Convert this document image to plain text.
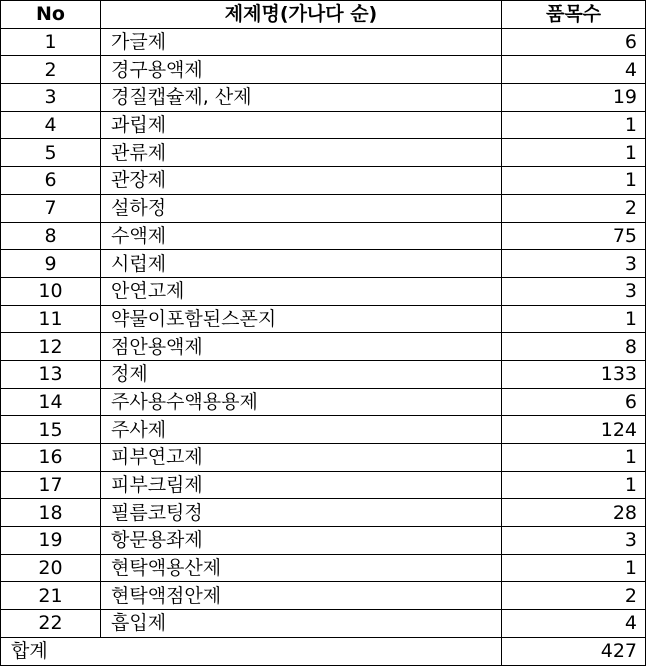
No	제제명(가나다 순)	품목수
1	가글제	6
2	경구용액제	4
3	경질캡슐제, 산제	19
4	과립제	1
5	관류제	1
6	관장제	1
7	설하정	2
8	수액제	75
9	시럽제	3
10	안연고제	3
11	약물이포함된스폰지	1
12	점안용액제	8
13	정제	133
14	주사용수액용용제	6
15	주사제	124
16	피부연고제	1
17	피부크림제	1
18	필름코팅정	28
19	항문용좌제	3
20	현탁액용산제	1
21	현탁액점안제	2
22	흡입제	4
합계		427
